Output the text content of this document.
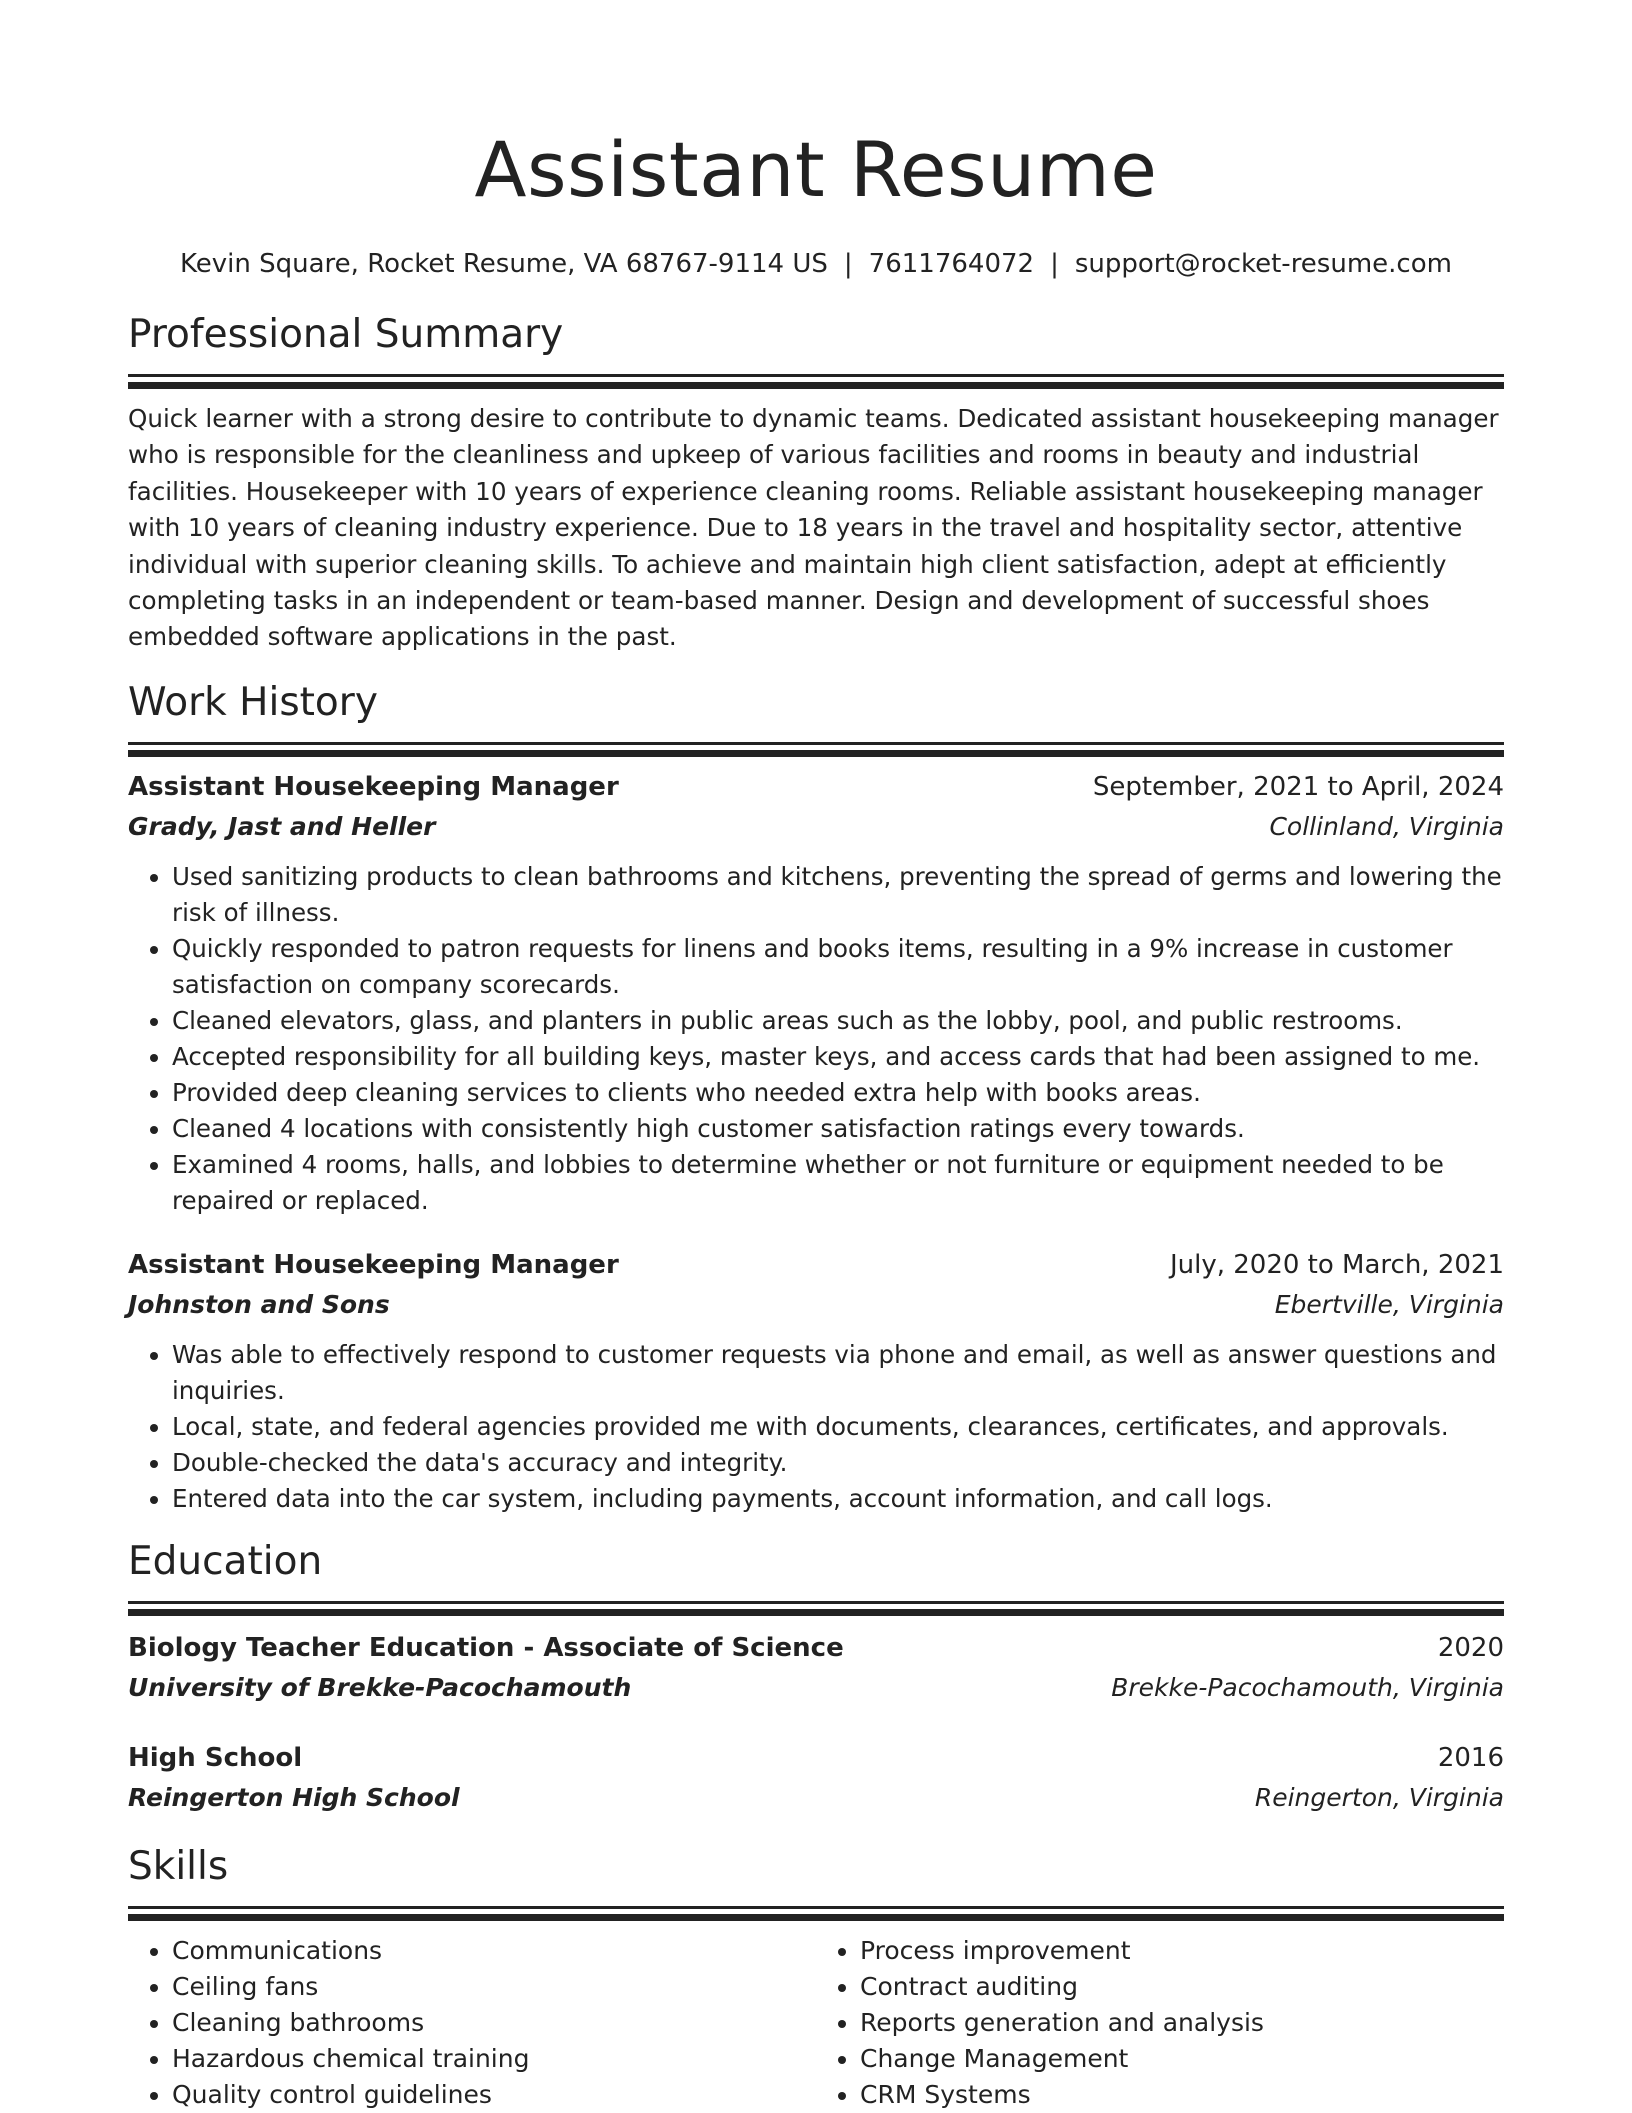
Assistant Resume
Kevin Square, Rocket Resume, VA 68767-9114 US | 7611764072 | support@rocket-resume.com
Professional Summary
Quick learner with a strong desire to contribute to dynamic teams. Dedicated assistant housekeeping manager who is responsible for the cleanliness and upkeep of various facilities and rooms in beauty and industrial facilities. Housekeeper with 10 years of experience cleaning rooms. Reliable assistant housekeeping manager with 10 years of cleaning industry experience. Due to 18 years in the travel and hospitality sector, attentive individual with superior cleaning skills. To achieve and maintain high client satisfaction, adept at efficiently completing tasks in an independent or team-based manner. Design and development of successful shoes embedded software applications in the past.
Work History
Assistant Housekeeping Manager	September, 2021 to April, 2024
Grady, Jast and Heller	Collinland, Virginia
• Used sanitizing products to clean bathrooms and kitchens, preventing the spread of germs and lowering the risk of illness.
• Quickly responded to patron requests for linens and books items, resulting in a 9% increase in customer satisfaction on company scorecards.
• Cleaned elevators, glass, and planters in public areas such as the lobby, pool, and public restrooms.
• Accepted responsibility for all building keys, master keys, and access cards that had been assigned to me.
• Provided deep cleaning services to clients who needed extra help with books areas.
• Cleaned 4 locations with consistently high customer satisfaction ratings every towards.
• Examined 4 rooms, halls, and lobbies to determine whether or not furniture or equipment needed to be repaired or replaced.
Assistant Housekeeping Manager	July, 2020 to March, 2021
Johnston and Sons	Ebertville, Virginia
• Was able to effectively respond to customer requests via phone and email, as well as answer questions and inquiries.
• Local, state, and federal agencies provided me with documents, clearances, certificates, and approvals.
• Double-checked the data's accuracy and integrity.
• Entered data into the car system, including payments, account information, and call logs.
Education
Biology Teacher Education - Associate of Science	2020
University of Brekke-Pacochamouth	Brekke-Pacochamouth, Virginia
High School	2016
Reingerton High School	Reingerton, Virginia
Skills
• Communications
• Ceiling fans
• Cleaning bathrooms
• Hazardous chemical training
• Quality control guidelines
• Process improvement
• Contract auditing
• Reports generation and analysis
• Change Management
• CRM Systems
